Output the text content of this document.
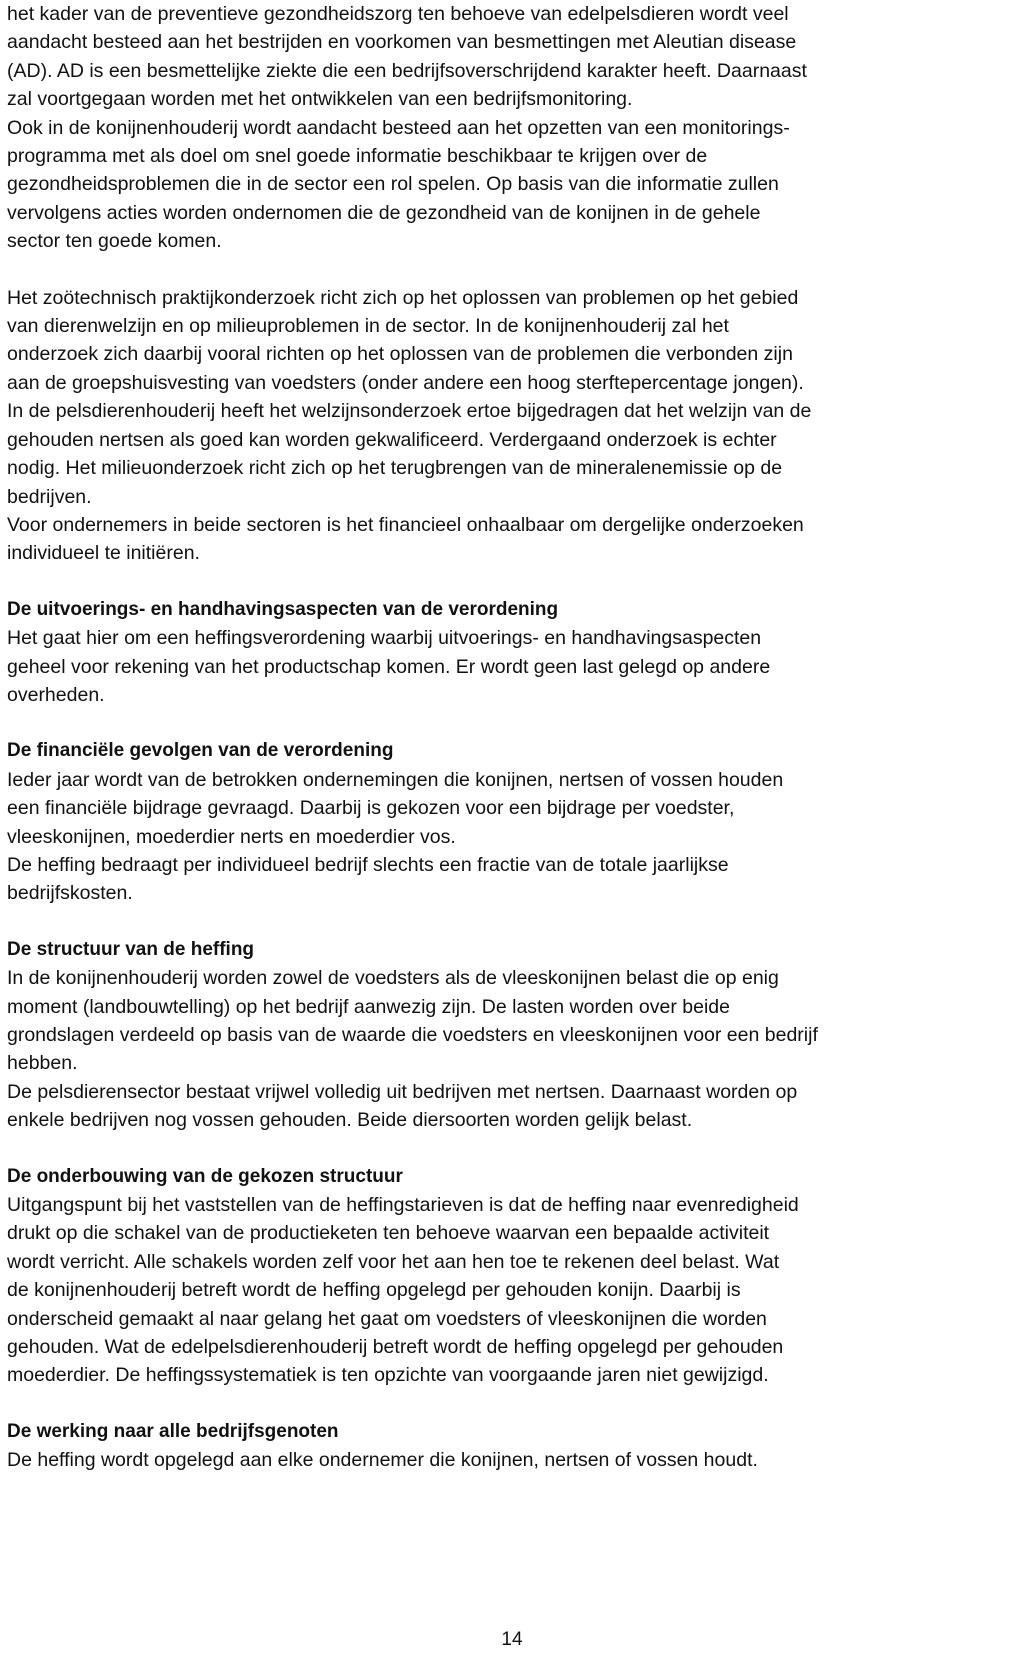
het kader van de preventieve gezondheidszorg ten behoeve van edelpelsdieren wordt veel
aandacht besteed aan het bestrijden en voorkomen van besmettingen met Aleutian disease
(AD). AD is een besmettelijke ziekte die een bedrijfsoverschrijdend karakter heeft. Daarnaast
zal voortgegaan worden met het ontwikkelen van een bedrijfsmonitoring.
Ook in de konijnenhouderij wordt aandacht besteed aan het opzetten van een monitorings-
programma met als doel om snel goede informatie beschikbaar te krijgen over de
gezondheidsproblemen die in de sector een rol spelen. Op basis van die informatie zullen
vervolgens acties worden ondernomen die de gezondheid van de konijnen in de gehele
sector ten goede komen.
Het zoötechnisch praktijkonderzoek richt zich op het oplossen van problemen op het gebied
van dierenwelzijn en op milieuproblemen in de sector. In de konijnenhouderij zal het
onderzoek zich daarbij vooral richten op het oplossen van de problemen die verbonden zijn
aan de groepshuisvesting van voedsters (onder andere een hoog sterftepercentage jongen).
In de pelsdierenhouderij heeft het welzijnsonderzoek ertoe bijgedragen dat het welzijn van de
gehouden nertsen als goed kan worden gekwalificeerd. Verdergaand onderzoek is echter
nodig. Het milieuonderzoek richt zich op het terugbrengen van de mineralenemissie op de
bedrijven.
Voor ondernemers in beide sectoren is het financieel onhaalbaar om dergelijke onderzoeken
individueel te initiëren.
De uitvoerings- en handhavingsaspecten van de verordening
Het gaat hier om een heffingsverordening waarbij uitvoerings- en handhavingsaspecten
geheel voor rekening van het productschap komen. Er wordt geen last gelegd op andere
overheden.
De financiële gevolgen van de verordening
Ieder jaar wordt van de betrokken ondernemingen die konijnen, nertsen of vossen houden
een financiële bijdrage gevraagd. Daarbij is gekozen voor een bijdrage per voedster,
vleeskonijnen, moederdier nerts en moederdier vos.
De heffing bedraagt per individueel bedrijf slechts een fractie van de totale jaarlijkse
bedrijfskosten.
De structuur van de heffing
In de konijnenhouderij worden zowel de voedsters als de vleeskonijnen belast die op enig
moment (landbouwtelling) op het bedrijf aanwezig zijn. De lasten worden over beide
grondslagen verdeeld op basis van de waarde die voedsters en vleeskonijnen voor een bedrijf
hebben.
De pelsdierensector bestaat vrijwel volledig uit bedrijven met nertsen. Daarnaast worden op
enkele bedrijven nog vossen gehouden. Beide diersoorten worden gelijk belast.
De onderbouwing van de gekozen structuur
Uitgangspunt bij het vaststellen van de heffingstarieven is dat de heffing naar evenredigheid
drukt op die schakel van de productieketen ten behoeve waarvan een bepaalde activiteit
wordt verricht. Alle schakels worden zelf voor het aan hen toe te rekenen deel belast. Wat
de konijnenhouderij betreft wordt de heffing opgelegd per gehouden konijn. Daarbij is
onderscheid gemaakt al naar gelang het gaat om voedsters of vleeskonijnen die worden
gehouden. Wat de edelpelsdierenhouderij betreft wordt de heffing opgelegd per gehouden
moederdier. De heffingssystematiek is ten opzichte van voorgaande jaren niet gewijzigd.
De werking naar alle bedrijfsgenoten
De heffing wordt opgelegd aan elke ondernemer die konijnen, nertsen of vossen houdt.
14
